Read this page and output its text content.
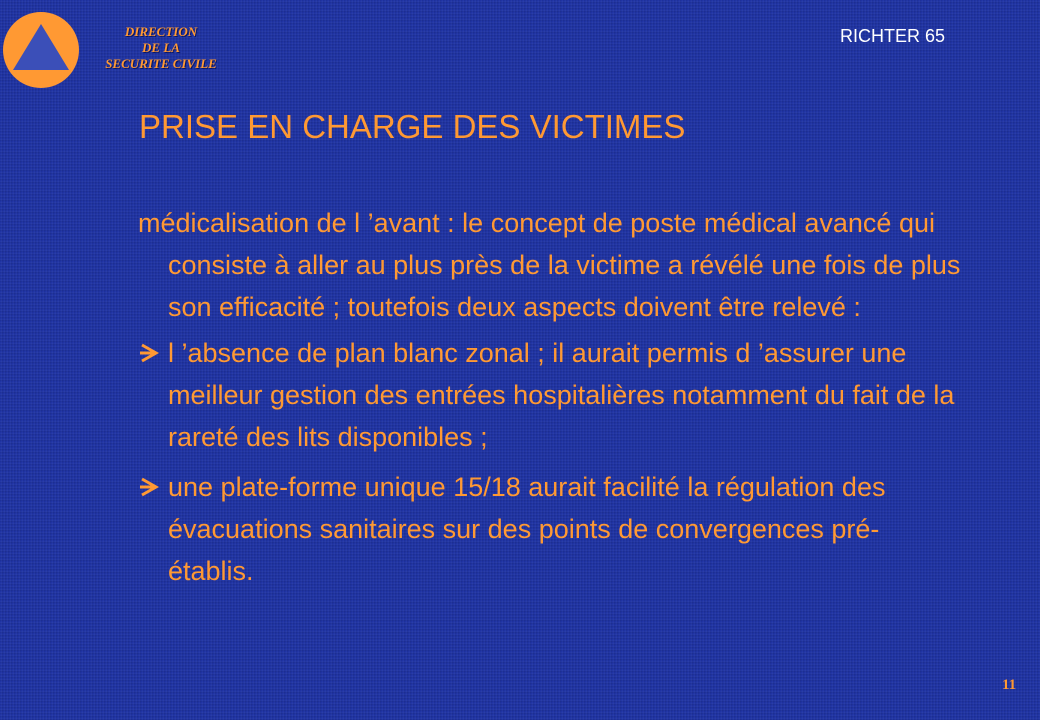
DIRECTION
DE LA
SECURITE CIVILE
RICHTER 65
PRISE EN CHARGE DES VICTIMES

médicalisation de l ’avant : le concept de poste médical avancé qui consiste à aller au plus près de la victime a révélé une fois de plus son efficacité ; toutefois deux aspects doivent être relevé :

l ’absence de plan blanc zonal ; il aurait permis d ’assurer une meilleur gestion des entrées hospitalières notamment du fait de la rareté des lits disponibles ;
une plate-forme unique 15/18 aurait facilité la régulation des évacuations sanitaires sur des points de convergences pré- établis.
11
